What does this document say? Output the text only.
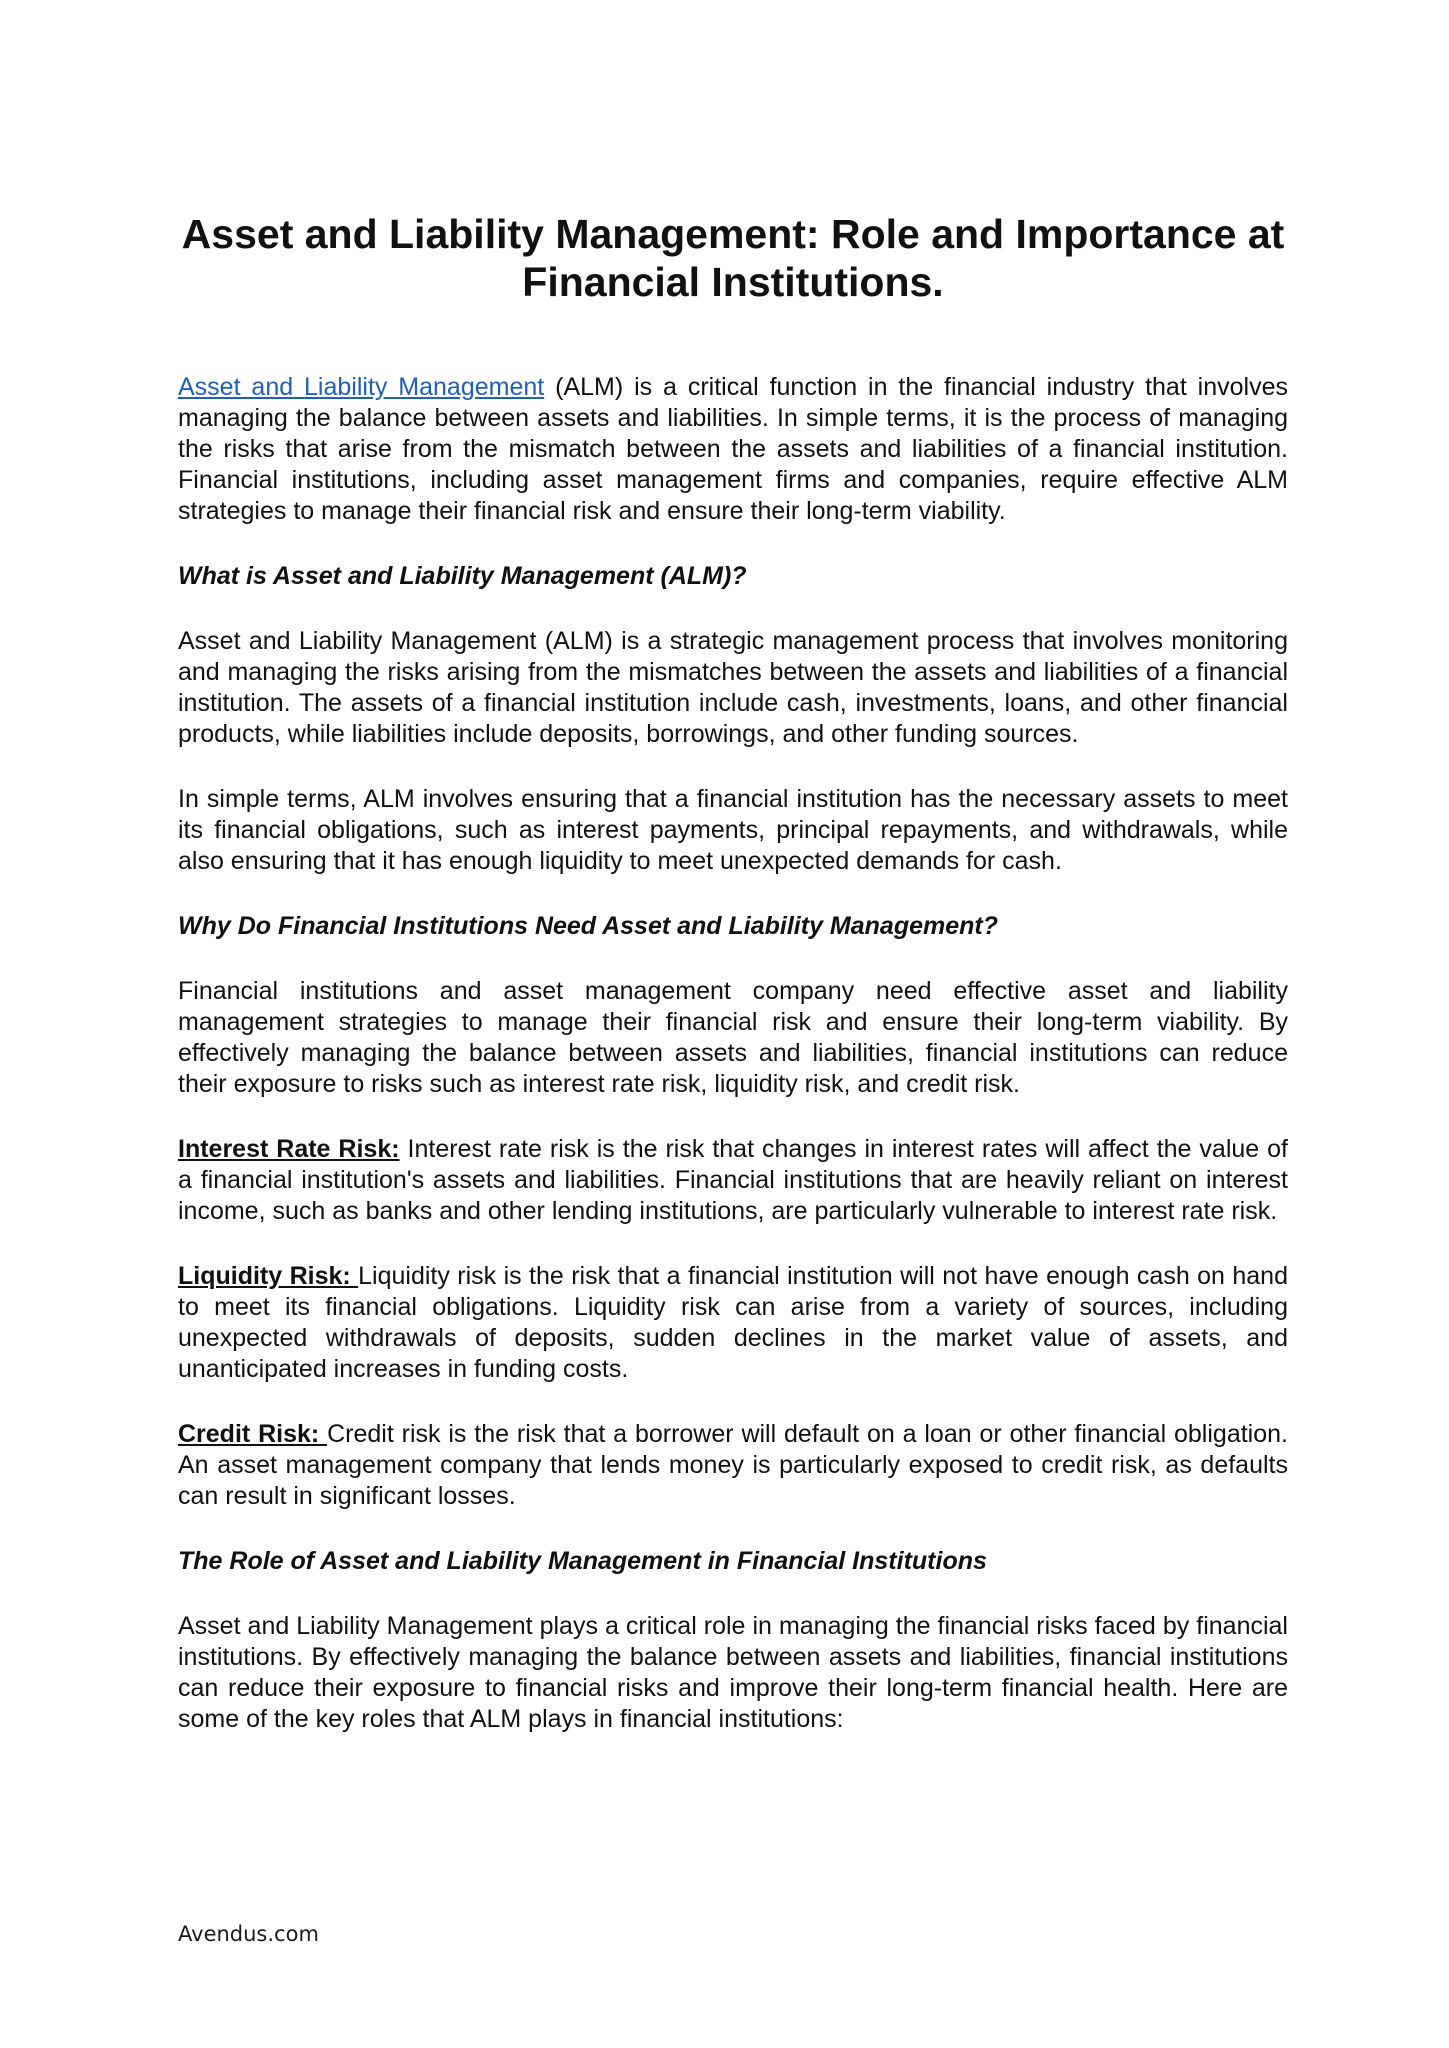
Asset and Liability Management: Role and Importance at Financial Institutions.

Asset and Liability Management (ALM) is a critical function in the financial industry that involves managing the balance between assets and liabilities. In simple terms, it is the process of managing the risks that arise from the mismatch between the assets and liabilities of a financial institution. Financial institutions, including asset management firms and companies, require effective ALM strategies to manage their financial risk and ensure their long-term viability.

What is Asset and Liability Management (ALM)?

Asset and Liability Management (ALM) is a strategic management process that involves monitoring and managing the risks arising from the mismatches between the assets and liabilities of a financial institution. The assets of a financial institution include cash, investments, loans, and other financial products, while liabilities include deposits, borrowings, and other funding sources.

In simple terms, ALM involves ensuring that a financial institution has the necessary assets to meet its financial obligations, such as interest payments, principal repayments, and withdrawals, while also ensuring that it has enough liquidity to meet unexpected demands for cash.

Why Do Financial Institutions Need Asset and Liability Management?

Financial institutions and asset management company need effective asset and liability management strategies to manage their financial risk and ensure their long-term viability. By effectively managing the balance between assets and liabilities, financial institutions can reduce their exposure to risks such as interest rate risk, liquidity risk, and credit risk.

Interest Rate Risk: Interest rate risk is the risk that changes in interest rates will affect the value of a financial institution's assets and liabilities. Financial institutions that are heavily reliant on interest income, such as banks and other lending institutions, are particularly vulnerable to interest rate risk.

Liquidity Risk: Liquidity risk is the risk that a financial institution will not have enough cash on hand to meet its financial obligations. Liquidity risk can arise from a variety of sources, including unexpected withdrawals of deposits, sudden declines in the market value of assets, and unanticipated increases in funding costs.

Credit Risk: Credit risk is the risk that a borrower will default on a loan or other financial obligation. An asset management company that lends money is particularly exposed to credit risk, as defaults can result in significant losses.

The Role of Asset and Liability Management in Financial Institutions

Asset and Liability Management plays a critical role in managing the financial risks faced by financial institutions. By effectively managing the balance between assets and liabilities, financial institutions can reduce their exposure to financial risks and improve their long-term financial health. Here are some of the key roles that ALM plays in financial institutions:

Avendus.com
